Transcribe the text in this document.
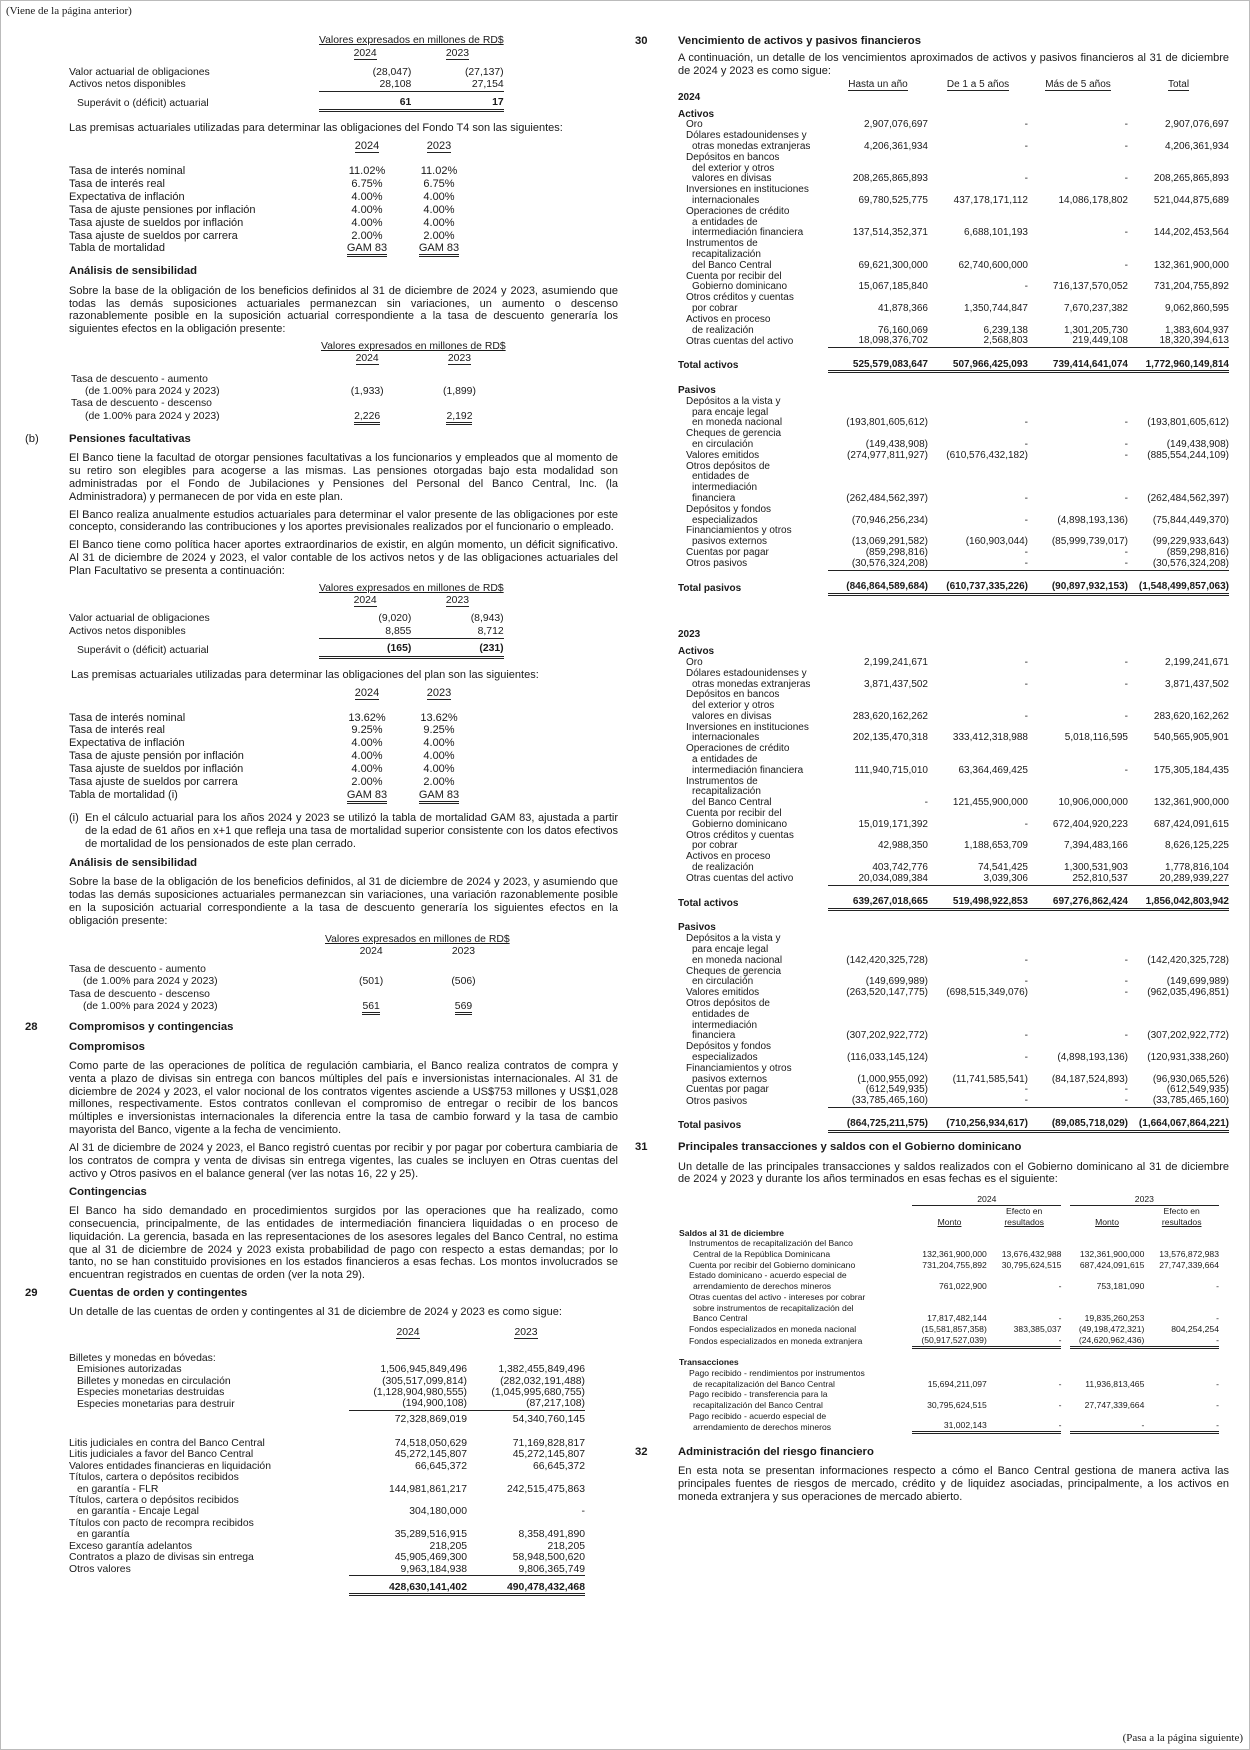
(Viene de la página anterior)
	Valores expresados en millones de RD$	
	2024	2023

Valor actuarial de obligaciones	(28,047)	(27,137)
Activos netos disponibles	28,108	27,154

Superávit o (déficit) actuarial	61	17

Las premisas actuariales utilizadas para determinar las obligaciones del Fondo T4 son las siguientes:

	2024	2023

Tasa de interés nominal	11.02%	11.02%
Tasa de interés real	6.75%	6.75%
Expectativa de inflación	4.00%	4.00%
Tasa de ajuste pensiones por inflación	4.00%	4.00%
Tasa ajuste de sueldos por inflación	4.00%	4.00%
Tasa ajuste de sueldos por carrera	2.00%	2.00%
Tabla de mortalidad	GAM 83	GAM 83
Análisis de sensibilidad

Sobre la base de la obligación de los beneficios definidos al 31 de diciembre de 2024 y 2023, asumiendo que todas las demás suposiciones actuariales permanezcan sin variaciones, un aumento o descenso razonablemente posible en la suposición actuarial correspondiente a la tasa de descuento generaría los siguientes efectos en la obligación presente:

	Valores expresados en millones de RD$	
	2024	2023

Tasa de descuento - aumento
(de 1.00% para 2024 y 2023)	(1,933)	(1,899)

Tasa de descuento - descenso
(de 1.00% para 2024 y 2023)	2,226	2,192
(b)	Pensiones facultativas

El Banco tiene la facultad de otorgar pensiones facultativas a los funcionarios y empleados que al momento de su retiro son elegibles para acogerse a las mismas. Las pensiones otorgadas bajo esta modalidad son administradas por el Fondo de Jubilaciones y Pensiones del Personal del Banco Central, Inc. (la Administradora) y permanecen de por vida en este plan.

El Banco realiza anualmente estudios actuariales para determinar el valor presente de las obligaciones por este concepto, considerando las contribuciones y los aportes previsionales realizados por el funcionario o empleado.

El Banco tiene como política hacer aportes extraordinarios de existir, en algún momento, un déficit significativo. Al 31 de diciembre de 2024 y 2023, el valor contable de los activos netos y de las obligaciones actuariales del Plan Facultativo se presenta a continuación:

	Valores expresados en millones de RD$	
	2024	2023

Valor actuarial de obligaciones	(9,020)	(8,943)
Activos netos disponibles	8,855	8,712

Superávit o (déficit) actuarial	(165)	(231)

Las premisas actuariales utilizadas para determinar las obligaciones del plan son las siguientes:

	2024	2023

Tasa de interés nominal	13.62%	13.62%
Tasa de interés real	9.25%	9.25%
Expectativa de inflación	4.00%	4.00%
Tasa de ajuste pensión por inflación	4.00%	4.00%
Tasa ajuste de sueldos por inflación	4.00%	4.00%
Tasa ajuste de sueldos por carrera	2.00%	2.00%
Tabla de mortalidad (i)	GAM 83	GAM 83
(i) En el cálculo actuarial para los años 2024 y 2023 se utilizó la tabla de mortalidad GAM 83, ajustada a partir de la edad de 61 años en x+1 que refleja una tasa de mortalidad superior consistente con los datos efectivos de mortalidad de los pensionados de este plan cerrado.

Análisis de sensibilidad

Sobre la base de la obligación de los beneficios definidos, al 31 de diciembre de 2024 y 2023, y asumiendo que todas las demás suposiciones actuariales permanezcan sin variaciones, una variación razonablemente posible en la suposición actuarial correspondiente a la tasa de descuento generaría los siguientes efectos en la obligación presente:

	Valores expresados en millones de RD$	
	2024	2023

Tasa de descuento - aumento
(de 1.00% para 2024 y 2023)	(501)	(506)

Tasa de descuento - descenso
(de 1.00% para 2024 y 2023)	561	569
28	Compromisos y contingencias
Compromisos

Como parte de las operaciones de política de regulación cambiaria, el Banco realiza contratos de compra y venta a plazo de divisas sin entrega con bancos múltiples del país e inversionistas internacionales. Al 31 de diciembre de 2024 y 2023, el valor nocional de los contratos vigentes asciende a US$753 millones y US$1,028 millones, respectivamente. Estos contratos conllevan el compromiso de entregar o recibir de los bancos múltiples e inversionistas internacionales la diferencia entre la tasa de cambio forward y la tasa de cambio mayorista del Banco, vigente a la fecha de vencimiento.

Al 31 de diciembre de 2024 y 2023, el Banco registró cuentas por recibir y por pagar por cobertura cambiaria de los contratos de compra y venta de divisas sin entrega vigentes, las cuales se incluyen en Otras cuentas del activo y Otros pasivos en el balance general (ver las notas 16, 22 y 25).

Contingencias

El Banco ha sido demandado en procedimientos surgidos por las operaciones que ha realizado, como consecuencia, principalmente, de las entidades de intermediación financiera liquidadas o en proceso de liquidación. La gerencia, basada en las representaciones de los asesores legales del Banco Central, no estima que al 31 de diciembre de 2024 y 2023 exista probabilidad de pago con respecto a estas demandas; por lo tanto, no se han constituido provisiones en los estados financieros a esas fechas. Los montos involucrados se encuentran registrados en cuentas de orden (ver la nota 29).

29	Cuentas de orden y contingentes

Un detalle de las cuentas de orden y contingentes al 31 de diciembre de 2024 y 2023 es como sigue:

	2024	2023

Billetes y monedas en bóvedas:		
Emisiones autorizadas	1,506,945,849,496	1,382,455,849,496
Billetes y monedas en circulación	(305,517,099,814)	(282,032,191,488)
Especies monetarias destruidas	(1,128,904,980,555)	(1,045,995,680,755)
Especies monetarias para destruir	(194,900,108)	(87,217,108)

	72,328,869,019	54,340,760,145

Litis judiciales en contra del Banco Central	74,518,050,629	71,169,828,817

Litis judiciales a favor del Banco Central	45,272,145,807	45,272,145,807

Valores entidades financieras en liquidación	66,645,372	66,645,372

Títulos, cartera o depósitos recibidos
en garantía - FLR	144,981,861,217	242,515,475,863

Títulos, cartera o depósitos recibidos
en garantía - Encaje Legal	304,180,000	-

Títulos con pacto de recompra recibidos
en garantía	35,289,516,915	8,358,491,890

Exceso garantía adelantos	218,205	218,205

Contratos a plazo de divisas sin entrega	45,905,469,300	58,948,500,620

Otros valores	9,963,184,938	9,806,365,749

	428,630,141,402	490,478,432,468
30	Vencimiento de activos y pasivos financieros

A continuación, un detalle de los vencimientos aproximados de activos y pasivos financieros al 31 de diciembre de 2024 y 2023 es como sigue:

	Hasta un año	De 1 a 5 años	Más de 5 años	Total

2024				

Activos				

Oro	2,907,076,697	-	-	2,907,076,697

Dólares estadounidenses y
otras monedas extranjeras	4,206,361,934	-	-	4,206,361,934

Depósitos en bancos
del exterior y otros
valores en divisas	208,265,865,893	-	-	208,265,865,893

Inversiones en instituciones
internacionales	69,780,525,775	437,178,171,112	14,086,178,802	521,044,875,689

Operaciones de crédito
a entidades de
intermediación financiera	137,514,352,371	6,688,101,193	-	144,202,453,564

Instrumentos de
recapitalización
del Banco Central	69,621,300,000	62,740,600,000	-	132,361,900,000

Cuenta por recibir del
Gobierno dominicano	15,067,185,840	-	716,137,570,052	731,204,755,892

Otros créditos y cuentas
por cobrar	41,878,366	1,350,744,847	7,670,237,382	9,062,860,595

Activos en proceso
de realización	76,160,069	6,239,138	1,301,205,730	1,383,604,937

Otras cuentas del activo	18,098,376,702	2,568,803	219,449,108	18,320,394,613

Total activos	525,579,083,647	507,966,425,093	739,414,641,074	1,772,960,149,814

Pasivos				

Depósitos a la vista y
para encaje legal
en moneda nacional	(193,801,605,612)	-	-	(193,801,605,612)

Cheques de gerencia
en circulación	(149,438,908)	-	-	(149,438,908)

Valores emitidos	(274,977,811,927)	(610,576,432,182)	-	(885,554,244,109)

Otros depósitos de
entidades de
intermediación
financiera	(262,484,562,397)	-	-	(262,484,562,397)

Depósitos y fondos
especializados	(70,946,256,234)	-	(4,898,193,136)	(75,844,449,370)

Financiamientos y otros
pasivos externos	(13,069,291,582)	(160,903,044)	(85,999,739,017)	(99,229,933,643)

Cuentas por pagar	(859,298,816)	-	-	(859,298,816)

Otros pasivos	(30,576,324,208)	-	-	(30,576,324,208)

Total pasivos	(846,864,589,684)	(610,737,335,226)	(90,897,932,153)	(1,548,499,857,063)

2023				

Activos				

Oro	2,199,241,671	-	-	2,199,241,671

Dólares estadounidenses y
otras monedas extranjeras	3,871,437,502	-	-	3,871,437,502

Depósitos en bancos
del exterior y otros
valores en divisas	283,620,162,262	-	-	283,620,162,262

Inversiones en instituciones
internacionales	202,135,470,318	333,412,318,988	5,018,116,595	540,565,905,901

Operaciones de crédito
a entidades de
intermediación financiera	111,940,715,010	63,364,469,425	-	175,305,184,435

Instrumentos de
recapitalización
del Banco Central	-	121,455,900,000	10,906,000,000	132,361,900,000

Cuenta por recibir del
Gobierno dominicano	15,019,171,392	-	672,404,920,223	687,424,091,615

Otros créditos y cuentas
por cobrar	42,988,350	1,188,653,709	7,394,483,166	8,626,125,225

Activos en proceso
de realización	403,742,776	74,541,425	1,300,531,903	1,778,816,104

Otras cuentas del activo	20,034,089,384	3,039,306	252,810,537	20,289,939,227

Total activos	639,267,018,665	519,498,922,853	697,276,862,424	1,856,042,803,942

Pasivos				

Depósitos a la vista y
para encaje legal
en moneda nacional	(142,420,325,728)	-	-	(142,420,325,728)

Cheques de gerencia
en circulación	(149,699,989)	-	-	(149,699,989)

Valores emitidos	(263,520,147,775)	(698,515,349,076)	-	(962,035,496,851)

Otros depósitos de
entidades de
intermediación
financiera	(307,202,922,772)	-	-	(307,202,922,772)

Depósitos y fondos
especializados	(116,033,145,124)	-	(4,898,193,136)	(120,931,338,260)

Financiamientos y otros
pasivos externos	(1,000,955,092)	(11,741,585,541)	(84,187,524,893)	(96,930,065,526)

Cuentas por pagar	(612,549,935)	-	-	(612,549,935)

Otros pasivos	(33,785,465,160)	-	-	(33,785,465,160)

Total pasivos	(864,725,211,575)	(710,256,934,617)	(89,085,718,029)	(1,664,067,864,221)
31	Principales transacciones y saldos con el Gobierno dominicano

Un detalle de las principales transacciones y saldos realizados con el Gobierno dominicano al 31 de diciembre de 2024 y 2023 y durante los años terminados en esas fechas es el siguiente:

	2024			2023	
	Monto	Efecto en
resultados		Monto	Efecto en
resultados

Saldos al 31 de diciembre					

Instrumentos de recapitalización del Banco
Central de la República Dominicana	132,361,900,000	13,676,432,988		132,361,900,000	13,576,872,983

Cuenta por recibir del Gobierno dominicano	731,204,755,892	30,795,624,515		687,424,091,615	27,747,339,664

Estado dominicano - acuerdo especial de
arrendamiento de derechos mineros	761,022,900	-		753,181,090	-

Otras cuentas del activo - intereses por cobrar
sobre instrumentos de recapitalización del
Banco Central	17,817,482,144	-		19,835,260,253	-

Fondos especializados en moneda nacional	(15,581,857,358)	383,385,037		(49,198,472,321)	804,254,254

Fondos especializados en moneda extranjera	(50,917,527,039)	-		(24,620,962,436)	-

Transacciones					

Pago recibido - rendimientos por instrumentos
de recapitalización del Banco Central	15,694,211,097	-		11,936,813,465	-

Pago recibido - transferencia para la
recapitalización del Banco Central	30,795,624,515	-		27,747,339,664	-

Pago recibido - acuerdo especial de
arrendamiento de derechos mineros	31,002,143	-		-	-
32	Administración del riesgo financiero

En esta nota se presentan informaciones respecto a cómo el Banco Central gestiona de manera activa las principales fuentes de riesgos de mercado, crédito y de liquidez asociadas, principalmente, a los activos en moneda extranjera y sus operaciones de mercado abierto.

(Pasa a la página siguiente)
